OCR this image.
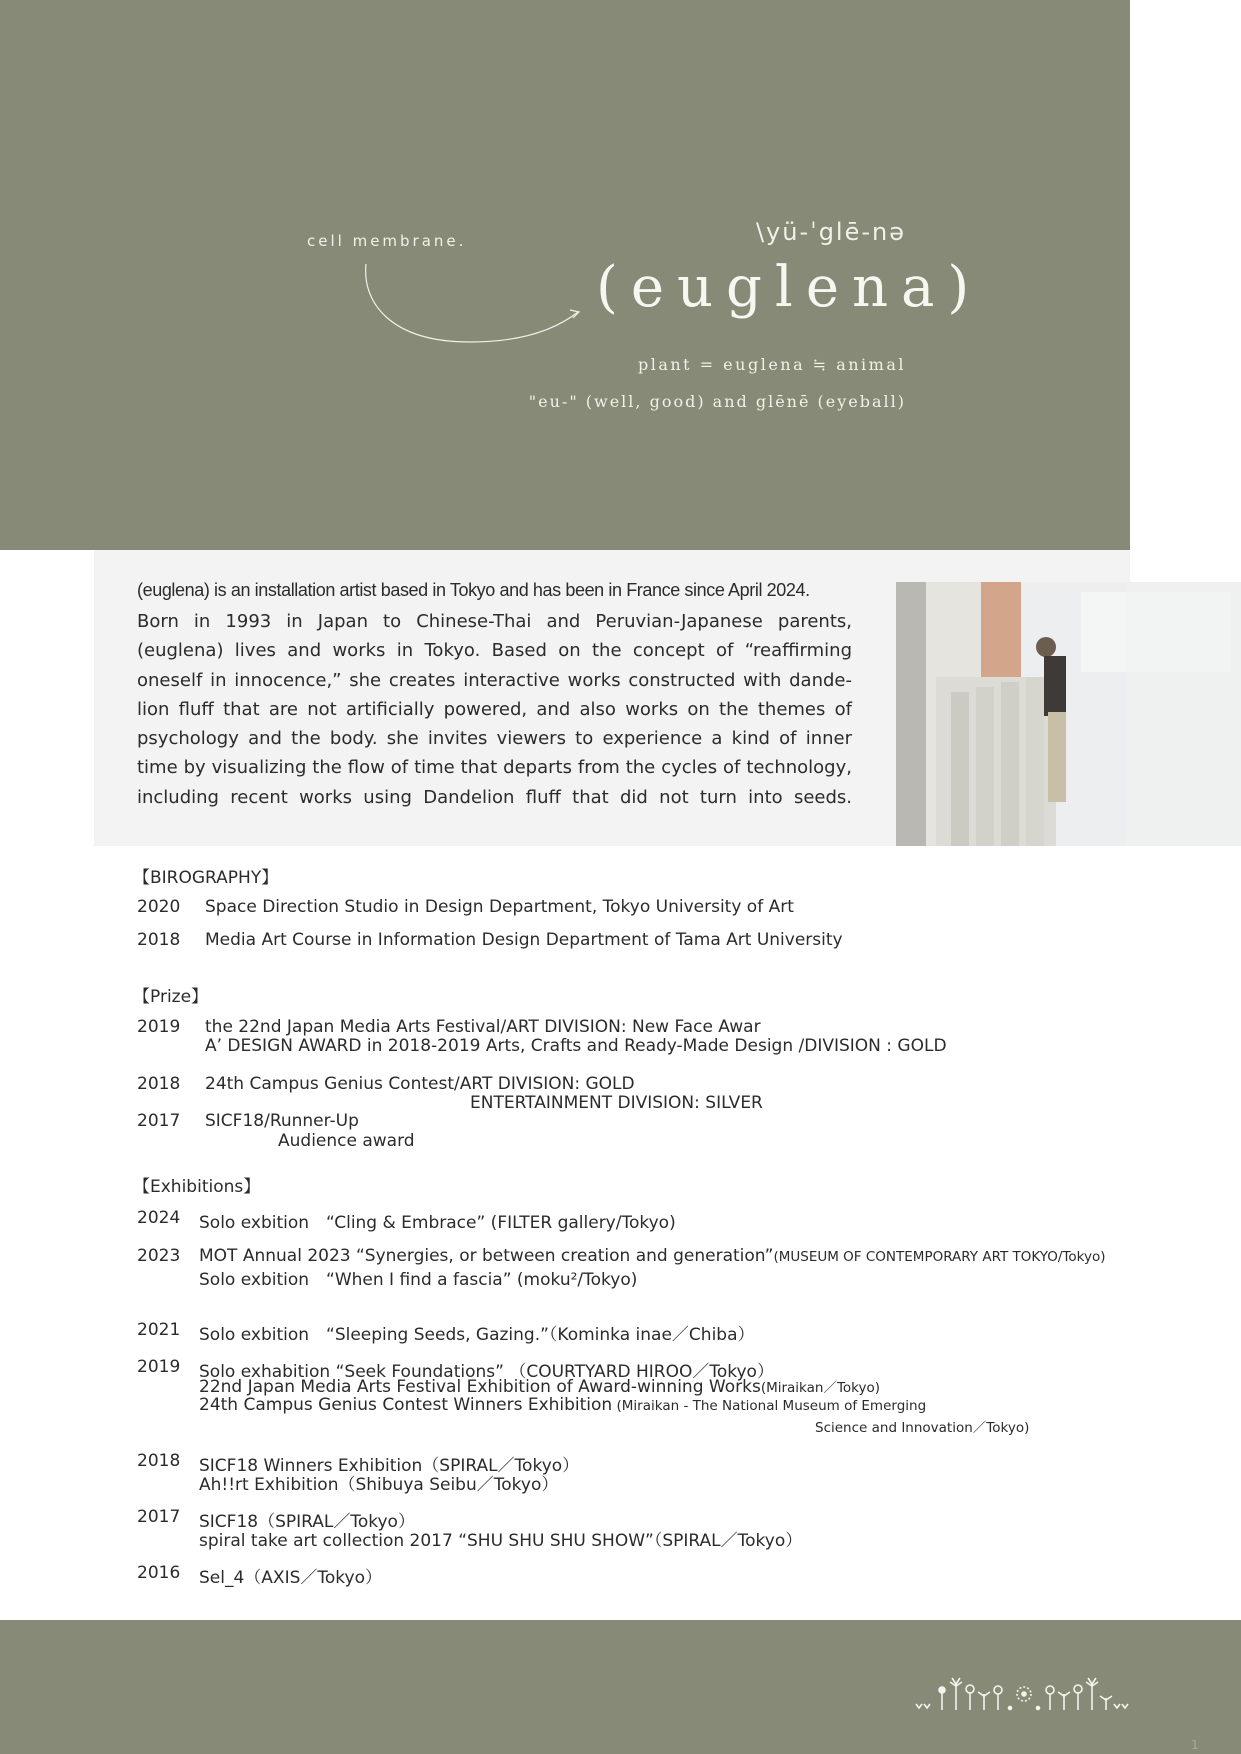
cell membrane.	\yü-ˈglē-nə
(euglena)
plant = euglena ≒ animal
"eu-" (well, good) and glēnē (eyeball)
(euglena) is an installation artist based in Tokyo and has been in France since April 2024.
Born in 1993 in Japan to Chinese-Thai and Peruvian-Japanese parents, (euglena) lives and works in Tokyo. Based on the concept of “reaffirming oneself in innocence,” she creates interactive works constructed with dandelion fluff that are not artificially powered, and also works on the themes of psychology and the body. she invites viewers to experience a kind of inner time by visualizing the flow of time that departs from the cycles of technology, including recent works using Dandelion fluff that did not turn into seeds.
【BIROGRAPHY】
2020 Space Direction Studio in Design Department, Tokyo University of Art
2018 Media Art Course in Information Design Department of Tama Art University
【Prize】
2019 the 22nd Japan Media Arts Festival/ART DIVISION: New Face Awar
A’ DESIGN AWARD in 2018-2019 Arts, Crafts and Ready-Made Design /DIVISION : GOLD
2018 24th Campus Genius Contest/ART DIVISION: GOLD
ENTERTAINMENT DIVISION: SILVER
2017 SICF18/Runner-Up
Audience award
【Exhibitions】
2024 Solo exbition　“Cling & Embrace” (FILTER gallery/Tokyo)
2023 MOT Annual 2023 “Synergies, or between creation and generation”(MUSEUM OF CONTEMPORARY ART TOKYO/Tokyo)
Solo exbition　“When I find a fascia” (moku²/Tokyo)
2021 Solo exbition　“Sleeping Seeds, Gazing.”（Kominka inae／Chiba）
2019 Solo exhabition “Seek Foundations” （COURTYARD HIROO／Tokyo）
22nd Japan Media Arts Festival Exhibition of Award-winning Works(Miraikan／Tokyo)
24th Campus Genius Contest Winners Exhibition (Miraikan - The National Museum of Emerging
Science and Innovation／Tokyo)
2018 SICF18 Winners Exhibition（SPIRAL／Tokyo）
Ah!!rt Exhibition（Shibuya Seibu／Tokyo）
2017 SICF18（SPIRAL／Tokyo）
spiral take art collection 2017 “SHU SHU SHU SHOW”（SPIRAL／Tokyo）
2016 Sel_4（AXIS／Tokyo）
1
